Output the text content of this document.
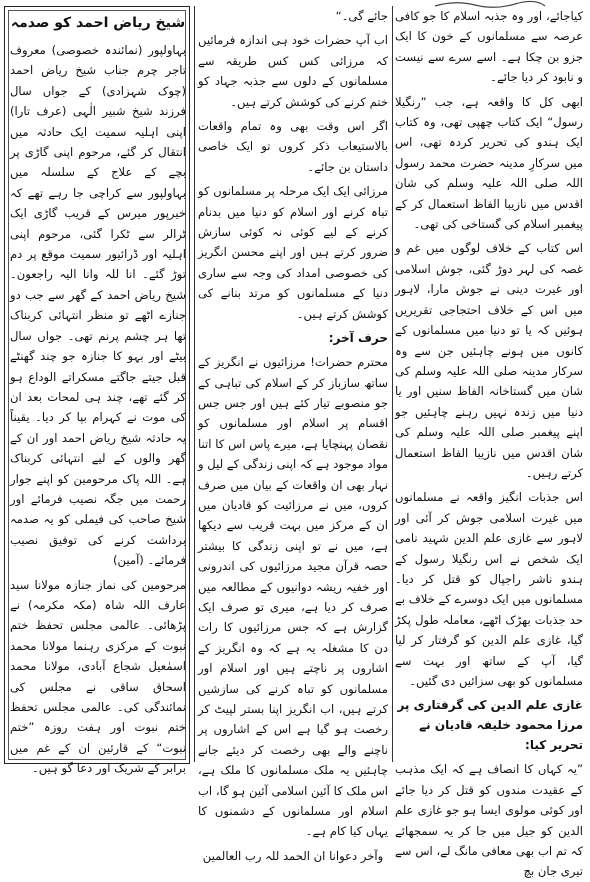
کیاجائے، اور وہ جذبہ اسلام کا جو کافی عرصہ سے مسلمانوں کے خون کا ایک جزو بن چکا ہے۔ اسے سرے سے نیست و نابود کر دیا جائے۔

ابھی کل کا واقعہ ہے، جب ”رنگیلا رسول“ ایک کتاب چھپی تھی، وہ کتاب ایک ہندو کی تحریر کردہ تھی، اس میں سرکارِ مدینہ حضرت محمد رسول اللہ صلی اللہ علیہ وسلم کی شان اقدس میں نازیبا الفاظ استعمال کر کے پیغمبر اسلام کی گستاخی کی تھی۔

اس کتاب کے خلاف لوگوں میں غم و غصہ کی لہر دوڑ گئی، جوش اسلامی اور غیرت دینی نے جوش مارا، لاہور میں اس کے خلاف احتجاجی تقریریں ہوئیں کہ یا تو دنیا میں مسلمانوں کے کانوں میں ہونے چاہئیں جن سے وہ سرکار مدینہ صلی اللہ علیہ وسلم کی شان میں گستاخانہ الفاظ سنیں اور یا دنیا میں زندہ نہیں رہنے چاہئیں جو اپنے پیغمبر صلی اللہ علیہ وسلم کی شان اقدس میں نازیبا الفاظ استعمال کرتے رہیں۔

اس جذبات انگیز واقعہ نے مسلمانوں میں غیرت اسلامی جوش کر آئی اور لاہور سے غازی علم الدین شہید نامی ایک شخص نے اس رنگیلا رسول کے ہندو ناشر راجپال کو قتل کر دیا۔ مسلمانوں میں ایک دوسرے کے خلاف بے حد جذبات بھڑک اٹھے، معاملہ طول پکڑ گیا، غازی علم الدین کو گرفتار کر لیا گیا، آپ کے ساتھ اور بہت سے مسلمانوں کو بھی سزائیں دی گئیں۔

غازی علم الدین کی گرفتاری پر مرزا محمود خلیفہ قادیان نے تحریر کیا:

”یہ کہاں کا انصاف ہے کہ ایک مذہب کے عقیدت مندوں کو قتل کر دیا جائے اور کوئی مولوی ایسا ہو جو غازی علم الدین کو جیل میں جا کر یہ سمجھائے کہ تم اب بھی معافی مانگ لے، اس سے تیری جان بچ

جائے گی۔“

اب آپ حضرات خود ہی اندازہ فرمائیں کہ مرزائی کس کس طریقہ سے مسلمانوں کے دلوں سے جذبہ جہاد کو ختم کرنے کی کوشش کرتے ہیں۔

اگر اس وقت بھی وہ تمام واقعات بالاستیعاب ذکر کروں تو ایک خاصی داستان بن جائے۔

مرزائی ایک ایک مرحلہ پر مسلمانوں کو تباہ کرنے اور اسلام کو دنیا میں بدنام کرنے کے لیے کوئی نہ کوئی سازش ضرور کرتے ہیں اور اپنے محسن انگریز کی خصوصی امداد کی وجہ سے ساری دنیا کے مسلمانوں کو مرتد بنانے کی کوشش کرتے ہیں۔

حرف آخر:

محترم حضرات! مرزائیوں نے انگریز کے ساتھ سازباز کر کے اسلام کی تباہی کے جو منصوبے تیار کئے ہیں اور جس جس اقسام پر اسلام اور مسلمانوں کو نقصان پہنچایا ہے، میرے پاس اس کا اتنا مواد موجود ہے کہ اپنی زندگی کے لیل و نہار بھی ان واقعات کے بیان میں صرف کروں، میں نے مرزائیت کو قادیان میں ان کے مرکز میں بہت قریب سے دیکھا ہے، میں نے تو اپنی زندگی کا بیشتر حصہ قرآن مجید مرزائیوں کی اندرونی اور خفیہ ریشہ دوانیوں کے مطالعہ میں صرف کر دیا ہے، میری تو صرف ایک گزارش ہے کہ جس مرزائیوں کا رات دن کا مشغلہ یہ ہے کہ وہ انگریز کے اشاروں پر ناچتے ہیں اور اسلام اور مسلمانوں کو تباہ کرنے کی سازشیں کرتے ہیں، اب انگریز اپنا بستر لپیٹ کر رخصت ہو گیا ہے اس کے اشاروں پر ناچنے والے بھی رخصت کر دیئے جانے چاہئیں یہ ملک مسلمانوں کا ملک ہے، اس ملک کا آئین اسلامی آئین ہو گا، اب اسلام اور مسلمانوں کے دشمنوں کا یہاں کیا کام ہے۔

وآخر دعوانا ان الحمد للہ رب العالمین

شیخ ریاض احمد کو صدمہ

بہاولپور (نمائندہ خصوصی) معروف تاجر چرم جناب شیخ ریاض احمد (چوک شہزادی) کے جواں سال فرزند شیخ شبیر الٰہی (عرف تارا) اپنی اہلیہ سمیت ایک حادثہ میں انتقال کر گئے، مرحوم اپنی گاڑی پر بچے کے علاج کے سلسلہ میں بہاولپور سے کراچی جا رہے تھے کہ خیرپور میرس کے قریب گاڑی ایک ٹرالر سے ٹکرا گئی، مرحوم اپنی اہلیہ اور ڈرائیور سمیت موقع پر دم توڑ گئے۔ انا للہ وانا الیہ راجعون۔ شیخ ریاض احمد کے گھر سے جب دو جنازے اٹھے تو منظر انتہائی کربناک تھا ہر چشم پرنم تھی۔ جواں سال بیٹے اور بہو کا جنازہ جو چند گھنٹے قبل جیتے جاگتے مسکراتے الوداع ہو کر گئے تھے، چند ہی لمحات بعد ان کی موت نے کہرام بپا کر دیا۔ یقیناً یہ حادثہ شیخ ریاض احمد اور ان کے گھر والوں کے لیے انتہائی کربناک ہے۔ اللہ پاک مرحومین کو اپنے جوار رحمت میں جگہ نصیب فرمائے اور شیخ صاحب کی فیملی کو یہ صدمہ برداشت کرنے کی توفیق نصیب فرمائے۔ (آمین)

مرحومین کی نماز جنازہ مولانا سید عارف اللہ شاہ (مکہ مکرمہ) نے پڑھائی۔ عالمی مجلس تحفظ ختم نبوت کے مرکزی رہنما مولانا محمد اسمٰعیل شجاع آبادی، مولانا محمد اسحاق ساقی نے مجلس کی نمائندگی کی۔ عالمی مجلس تحفظ ختم نبوت اور ہفت روزہ ”ختم نبوت“ کے قارئین ان کے غم میں برابر کے شریک اور دعا گو ہیں۔
